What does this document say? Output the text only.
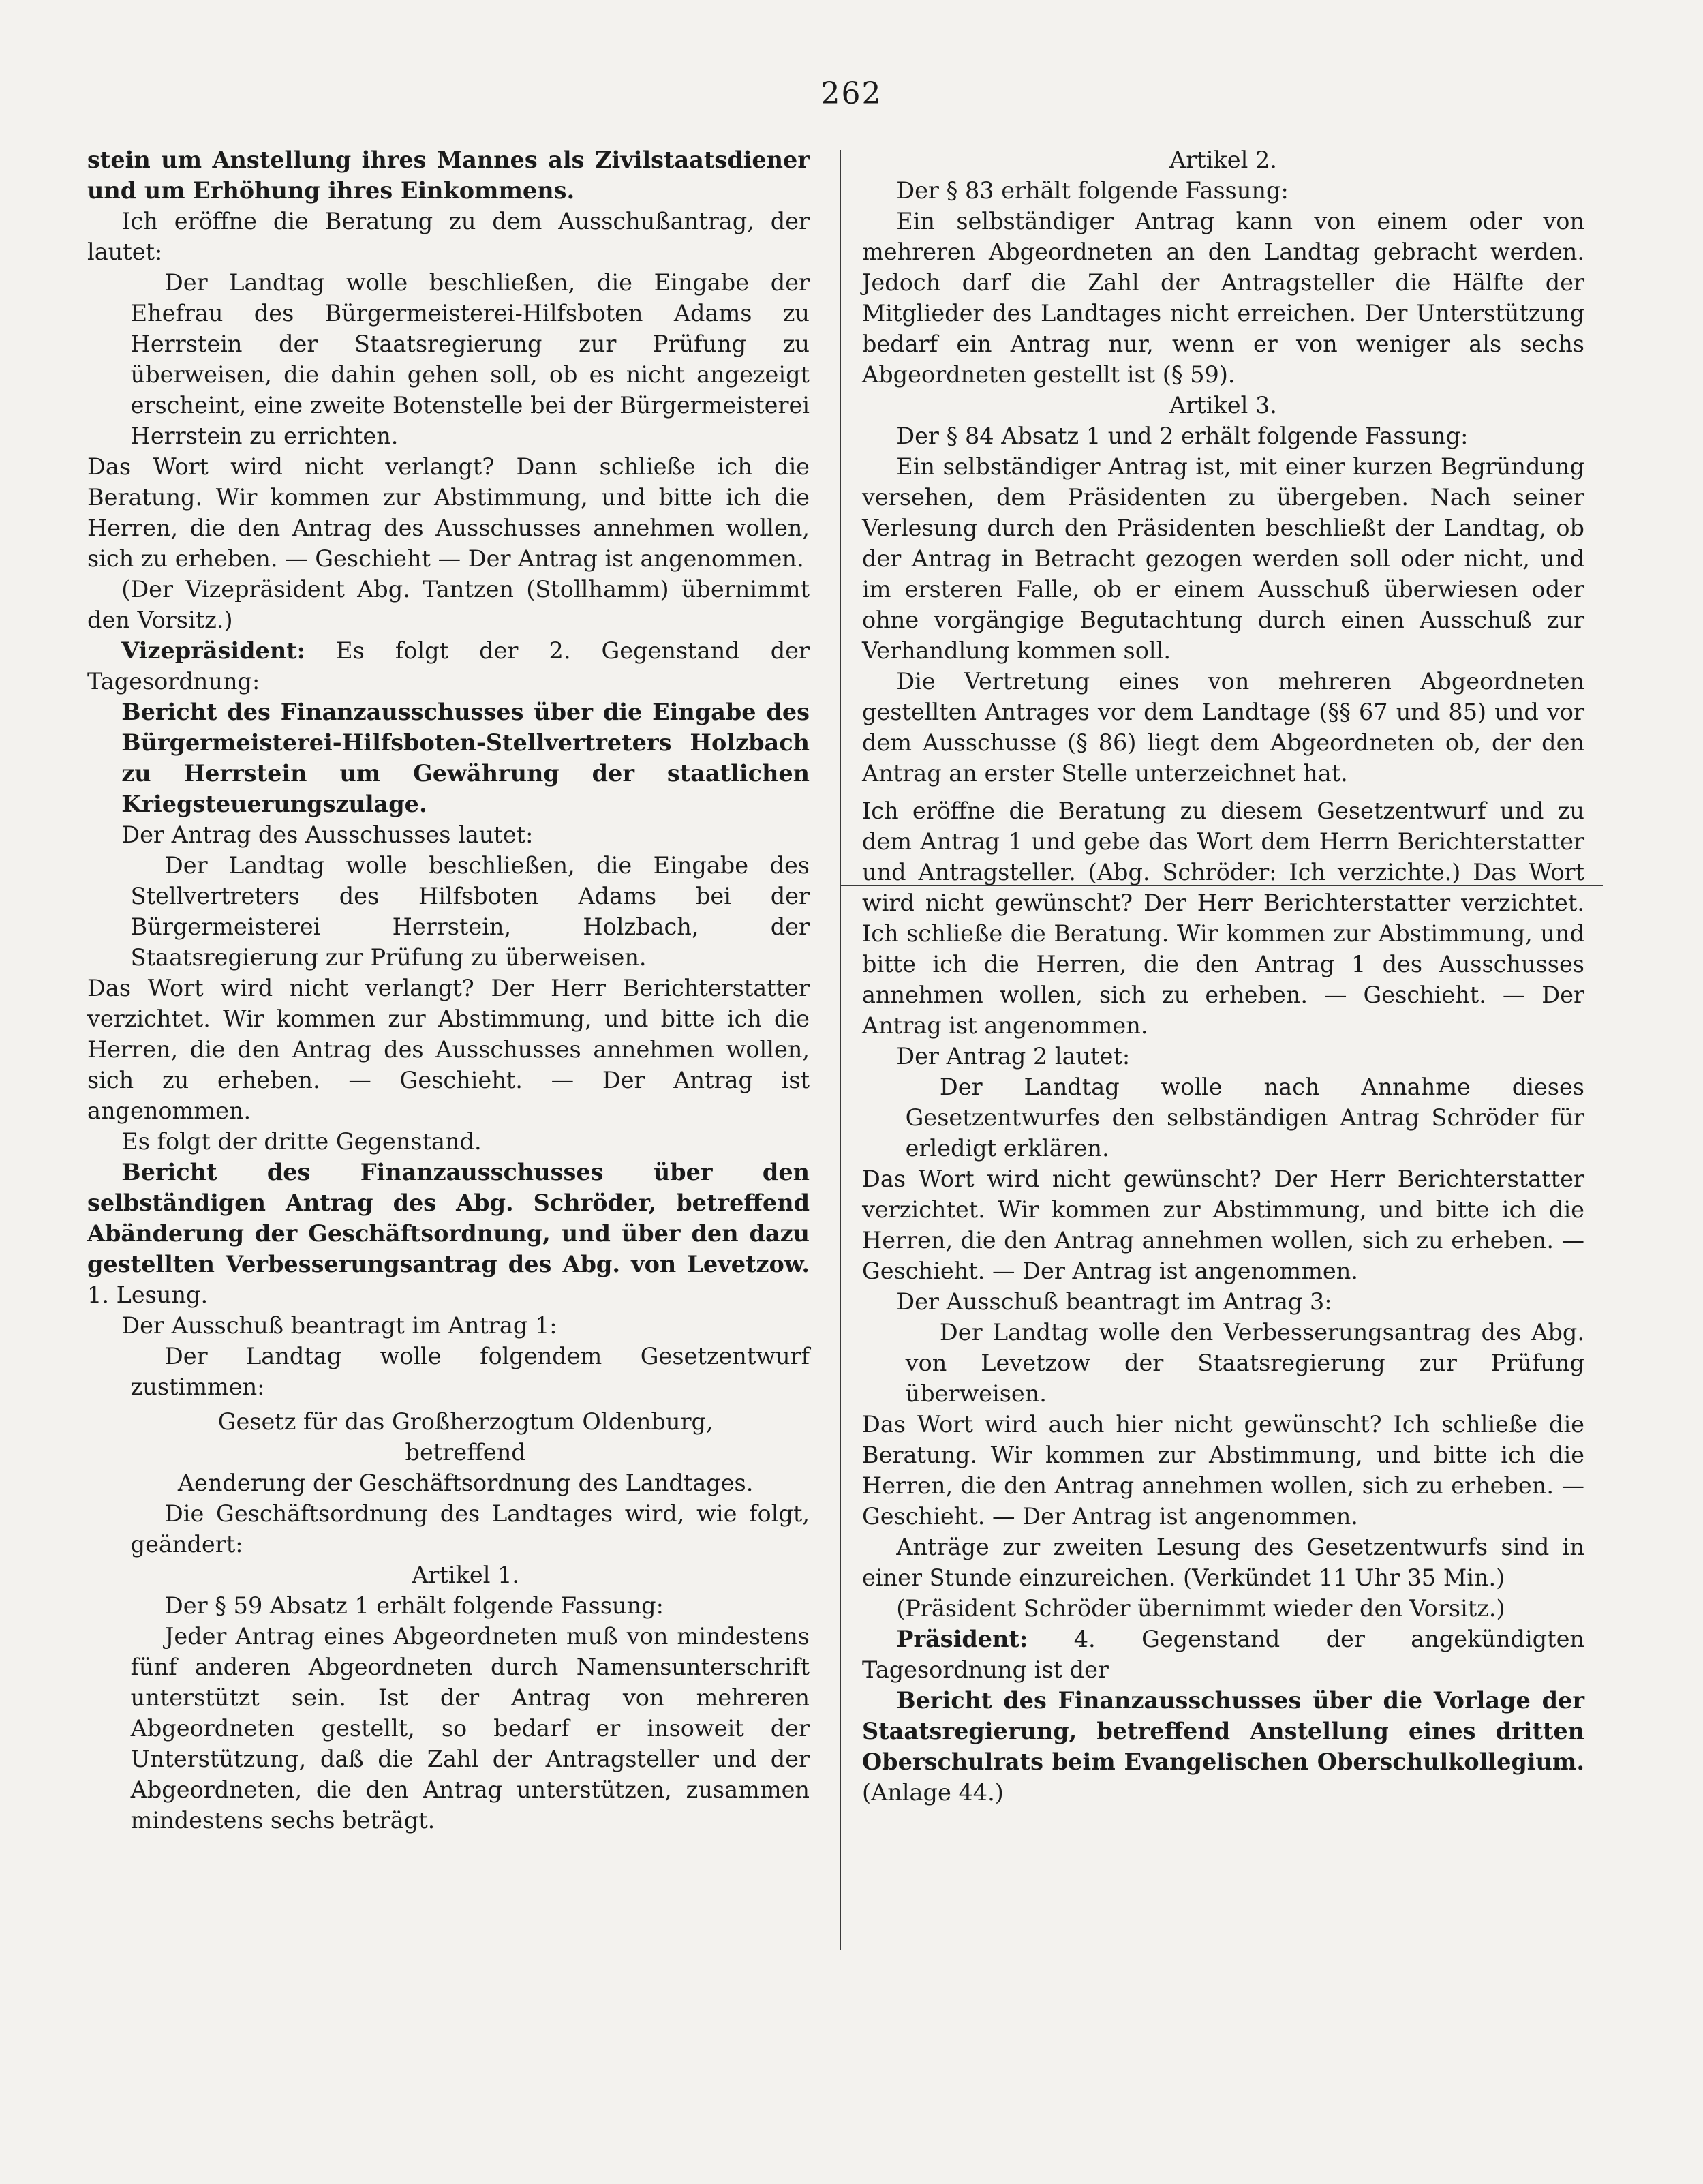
262

stein um Anstellung ihres Mannes als Zivilstaatsdiener und um Erhöhung ihres Einkommens.

Ich eröffne die Beratung zu dem Ausschußantrag, der lautet:

Der Landtag wolle beschließen, die Eingabe der Ehefrau des Bürgermeisterei-Hilfsboten Adams zu Herrstein der Staatsregierung zur Prüfung zu überweisen, die dahin gehen soll, ob es nicht angezeigt erscheint, eine zweite Botenstelle bei der Bürgermeisterei Herrstein zu errichten.

Das Wort wird nicht verlangt? Dann schließe ich die Beratung. Wir kommen zur Abstimmung, und bitte ich die Herren, die den Antrag des Ausschusses annehmen wollen, sich zu erheben. — Geschieht — Der Antrag ist angenommen.

(Der Vizepräsident Abg. Tantzen (Stollhamm) übernimmt den Vorsitz.)

Vizepräsident: Es folgt der 2. Gegenstand der Tagesordnung:

Bericht des Finanzausschusses über die Eingabe des Bürgermeisterei-Hilfsboten-Stellvertreters Holzbach zu Herrstein um Gewährung der staatlichen Kriegsteuerungszulage.

Der Antrag des Ausschusses lautet:

Der Landtag wolle beschließen, die Eingabe des Stellvertreters des Hilfsboten Adams bei der Bürgermeisterei Herrstein, Holzbach, der Staatsregierung zur Prüfung zu überweisen.

Das Wort wird nicht verlangt? Der Herr Berichterstatter verzichtet. Wir kommen zur Abstimmung, und bitte ich die Herren, die den Antrag des Ausschusses annehmen wollen, sich zu erheben. — Geschieht. — Der Antrag ist angenommen.

Es folgt der dritte Gegenstand.

Bericht des Finanzausschusses über den selbständigen Antrag des Abg. Schröder, betreffend Abänderung der Geschäftsordnung, und über den dazu gestellten Verbesserungsantrag des Abg. von Levetzow. 1. Lesung.

Der Ausschuß beantragt im Antrag 1:

Der Landtag wolle folgendem Gesetzentwurf zustimmen:

Gesetz für das Großherzogtum Oldenburg,

betreffend

Aenderung der Geschäftsordnung des Landtages.

Die Geschäftsordnung des Landtages wird, wie folgt, geändert:

Artikel 1.

Der § 59 Absatz 1 erhält folgende Fassung:

Jeder Antrag eines Abgeordneten muß von mindestens fünf anderen Abgeordneten durch Namensunterschrift unterstützt sein. Ist der Antrag von mehreren Abgeordneten gestellt, so bedarf er insoweit der Unterstützung, daß die Zahl der Antragsteller und der Abgeordneten, die den Antrag unterstützen, zusammen mindestens sechs beträgt.

Artikel 2.

Der § 83 erhält folgende Fassung:

Ein selbständiger Antrag kann von einem oder von mehreren Abgeordneten an den Landtag gebracht werden. Jedoch darf die Zahl der Antragsteller die Hälfte der Mitglieder des Landtages nicht erreichen. Der Unterstützung bedarf ein Antrag nur, wenn er von weniger als sechs Abgeordneten gestellt ist (§ 59).

Artikel 3.

Der § 84 Absatz 1 und 2 erhält folgende Fassung:

Ein selbständiger Antrag ist, mit einer kurzen Begründung versehen, dem Präsidenten zu übergeben. Nach seiner Verlesung durch den Präsidenten beschließt der Landtag, ob der Antrag in Betracht gezogen werden soll oder nicht, und im ersteren Falle, ob er einem Ausschuß überwiesen oder ohne vorgängige Begutachtung durch einen Ausschuß zur Verhandlung kommen soll.

Die Vertretung eines von mehreren Abgeordneten gestellten Antrages vor dem Landtage (§§ 67 und 85) und vor dem Ausschusse (§ 86) liegt dem Abgeordneten ob, der den Antrag an erster Stelle unterzeichnet hat.

Ich eröffne die Beratung zu diesem Gesetzentwurf und zu dem Antrag 1 und gebe das Wort dem Herrn Berichterstatter und Antragsteller. (Abg. Schröder: Ich verzichte.) Das Wort wird nicht gewünscht? Der Herr Berichterstatter verzichtet. Ich schließe die Beratung. Wir kommen zur Abstimmung, und bitte ich die Herren, die den Antrag 1 des Ausschusses annehmen wollen, sich zu erheben. — Geschieht. — Der Antrag ist angenommen.

Der Antrag 2 lautet:

Der Landtag wolle nach Annahme dieses Gesetzentwurfes den selbständigen Antrag Schröder für erledigt erklären.

Das Wort wird nicht gewünscht? Der Herr Berichterstatter verzichtet. Wir kommen zur Abstimmung, und bitte ich die Herren, die den Antrag annehmen wollen, sich zu erheben. — Geschieht. — Der Antrag ist angenommen.

Der Ausschuß beantragt im Antrag 3:

Der Landtag wolle den Verbesserungsantrag des Abg. von Levetzow der Staatsregierung zur Prüfung überweisen.

Das Wort wird auch hier nicht gewünscht? Ich schließe die Beratung. Wir kommen zur Abstimmung, und bitte ich die Herren, die den Antrag annehmen wollen, sich zu erheben. — Geschieht. — Der Antrag ist angenommen.

Anträge zur zweiten Lesung des Gesetzentwurfs sind in einer Stunde einzureichen. (Verkündet 11 Uhr 35 Min.)

(Präsident Schröder übernimmt wieder den Vorsitz.)

Präsident: 4. Gegenstand der angekündigten Tagesordnung ist der

Bericht des Finanzausschusses über die Vorlage der Staatsregierung, betreffend Anstellung eines dritten Oberschulrats beim Evangelischen Oberschulkollegium. (Anlage 44.)
